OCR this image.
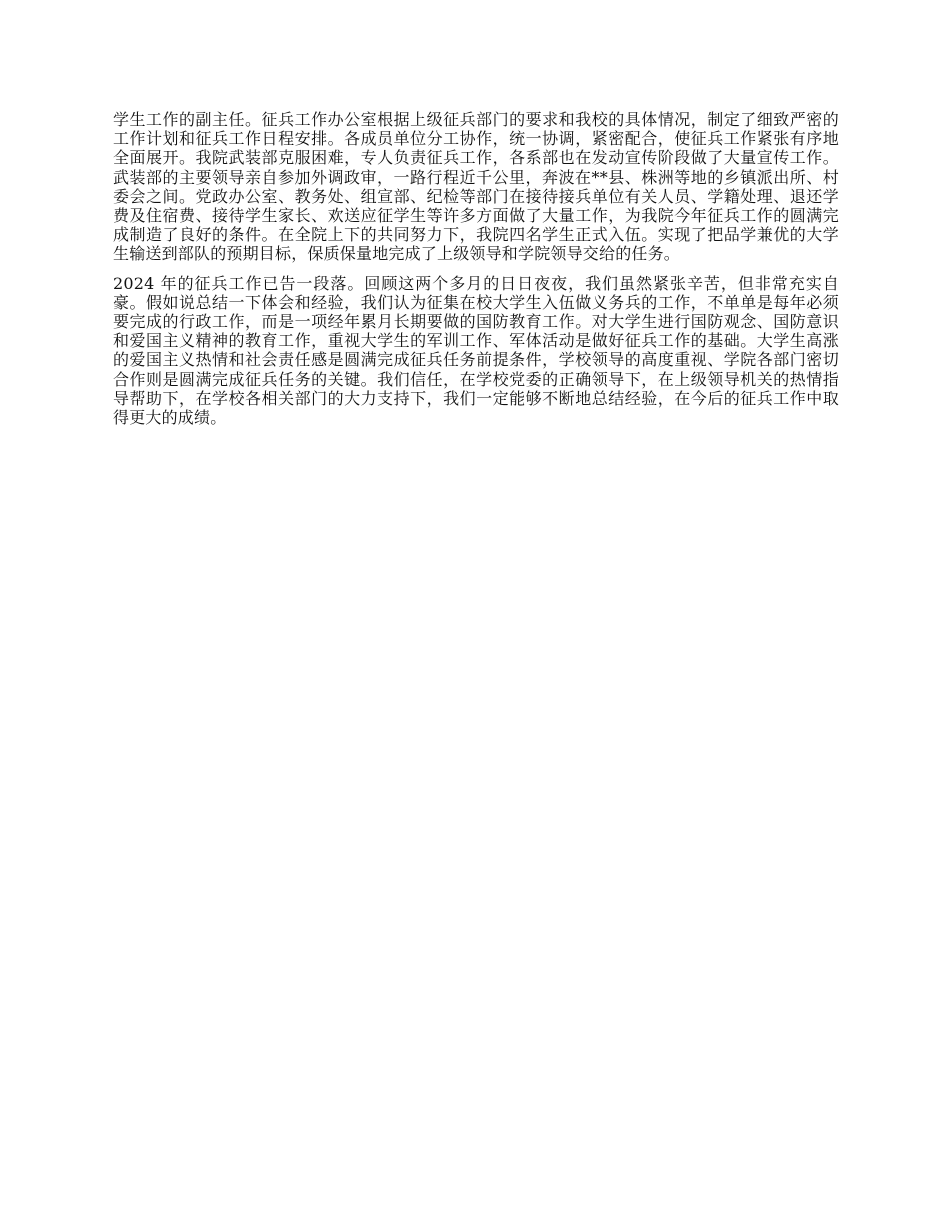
学生工作的副主任。征兵工作办公室根据上级征兵部门的要求和我校的具体情况，制定了细致严密的工作计划和征兵工作日程安排。各成员单位分工协作，统一协调，紧密配合，使征兵工作紧张有序地全面展开。我院武装部克服困难，专人负责征兵工作，各系部也在发动宣传阶段做了大量宣传工作。武装部的主要领导亲自参加外调政审，一路行程近千公里，奔波在**县、株洲等地的乡镇派出所、村委会之间。党政办公室、教务处、组宣部、纪检等部门在接待接兵单位有关人员、学籍处理、退还学费及住宿费、接待学生家长、欢送应征学生等许多方面做了大量工作，为我院今年征兵工作的圆满完成制造了良好的条件。在全院上下的共同努力下，我院四名学生正式入伍。实现了把品学兼优的大学生输送到部队的预期目标，保质保量地完成了上级领导和学院领导交给的任务。

2024 年的征兵工作已告一段落。回顾这两个多月的日日夜夜，我们虽然紧张辛苦，但非常充实自豪。假如说总结一下体会和经验，我们认为征集在校大学生入伍做义务兵的工作，不单单是每年必须要完成的行政工作，而是一项经年累月长期要做的国防教育工作。对大学生进行国防观念、国防意识和爱国主义精神的教育工作，重视大学生的军训工作、军体活动是做好征兵工作的基础。大学生高涨的爱国主义热情和社会责任感是圆满完成征兵任务前提条件，学校领导的高度重视、学院各部门密切合作则是圆满完成征兵任务的关键。我们信任，在学校党委的正确领导下，在上级领导机关的热情指导帮助下，在学校各相关部门的大力支持下，我们一定能够不断地总结经验，在今后的征兵工作中取得更大的成绩。
